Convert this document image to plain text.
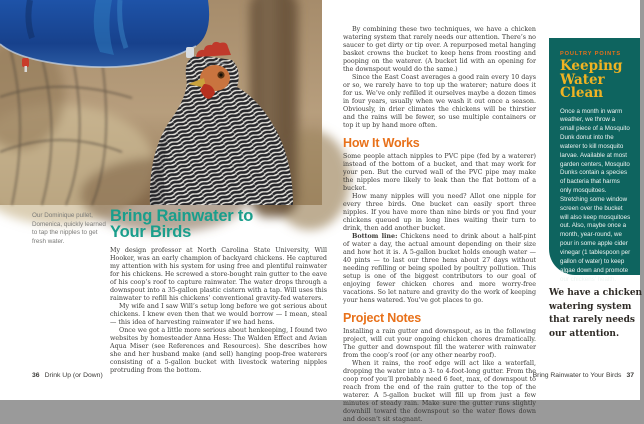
Our Dominique pullet, Domenica, quickly learned to tap the nipples to get fresh water.
Bring Rainwater to Your Birds

My design professor at North Carolina State University, Will Hooker, was an early champion of backyard chickens. He captured my attention with his system for using free and plentiful rainwater for his chickens. He screwed a store-bought rain gutter to the eave of his coop’s roof to capture rainwater. The water drops through a downspout into a 35-gallon plastic cistern with a tap. Will uses this rainwater to refill his chickens’ conventional gravity-fed waterers.

My wife and I saw Will’s setup long before we got serious about chickens. I knew even then that we would borrow — I mean, steal — this idea of harvesting rainwater if we had hens.

Once we got a little more serious about henkeeping, I found two websites by homesteader Anna Hess: The Walden Effect and Avian Aqua Miser (see References and Resources). She describes how she and her husband make (and sell) hanging poop-free waterers consisting of a 5-gallon bucket with livestock watering nipples protruding from the bottom.

By combining these two techniques, we have a chicken watering system that rarely needs our attention. There’s no saucer to get dirty or tip over. A repurposed metal hanging basket crowns the bucket to keep hens from roosting and pooping on the waterer. (A bucket lid with an opening for the downspout would do the same.)

Since the East Coast averages a good rain every 10 days or so, we rarely have to top up the waterer; nature does it for us. We’ve only refilled it ourselves maybe a dozen times in four years, usually when we wash it out once a season. Obviously, in drier climates the chickens will be thirstier and the rains will be fewer, so use multiple containers or top it up by hand more often.

How It Works

Some people attach nipples to PVC pipe (fed by a waterer) instead of the bottom of a bucket, and that may work for your pen. But the curved wall of the PVC pipe may make the nipples more likely to leak than the flat bottom of a bucket.

How many nipples will you need? Allot one nipple for every three birds. One bucket can easily sport three nipples. If you have more than nine birds or you find your chickens queued up in long lines waiting their turn to drink, then add another bucket.

Bottom line: Chickens need to drink about a half-pint of water a day, the actual amount depending on their size and how hot it is. A 5-gallon bucket holds enough water — 40 pints — to last our three hens about 27 days without needing refilling or being spoiled by poultry pollution. This setup is one of the biggest contributors to our goal of enjoying fewer chicken chores and more worry-free vacations. So let nature and gravity do the work of keeping your hens watered. You’ve got places to go.

Project Notes

Installing a rain gutter and downspout, as in the following project, will cut your ongoing chicken chores dramatically. The gutter and downspout fill the waterer with rainwater from the coop’s roof (or any other nearby roof).

When it rains, the roof edge will act like a waterfall, dropping the water into a 3- to 4-foot-long gutter. From the coop roof you’ll probably need 6 feet, max, of downspout to reach from the end of the rain gutter to the top of the waterer. A 5-gallon bucket will fill up from just a few minutes of steady rain. Make sure the gutter runs slightly downhill toward the downspout so the water flows down and doesn’t sit stagnant.

POULTRY POINTS

Keeping Water Clean

Once a month in warm weather, we throw a small piece of a Mosquito Dunk donut into the waterer to kill mosquito larvae. Available at most garden centers, Mosquito Dunks contain a species of bacteria that harms only mosquitoes. Stretching some window screen over the bucket will also keep mosquitoes out. Also, maybe once a month, year-round, we pour in some apple cider vinegar (1 tablespoon per gallon of water) to keep algae down and promote our chickens’ health.

We have a chicken watering system that rarely needs our attention.
36 Drink Up (or Down)	Bring Rainwater to Your Birds 37
